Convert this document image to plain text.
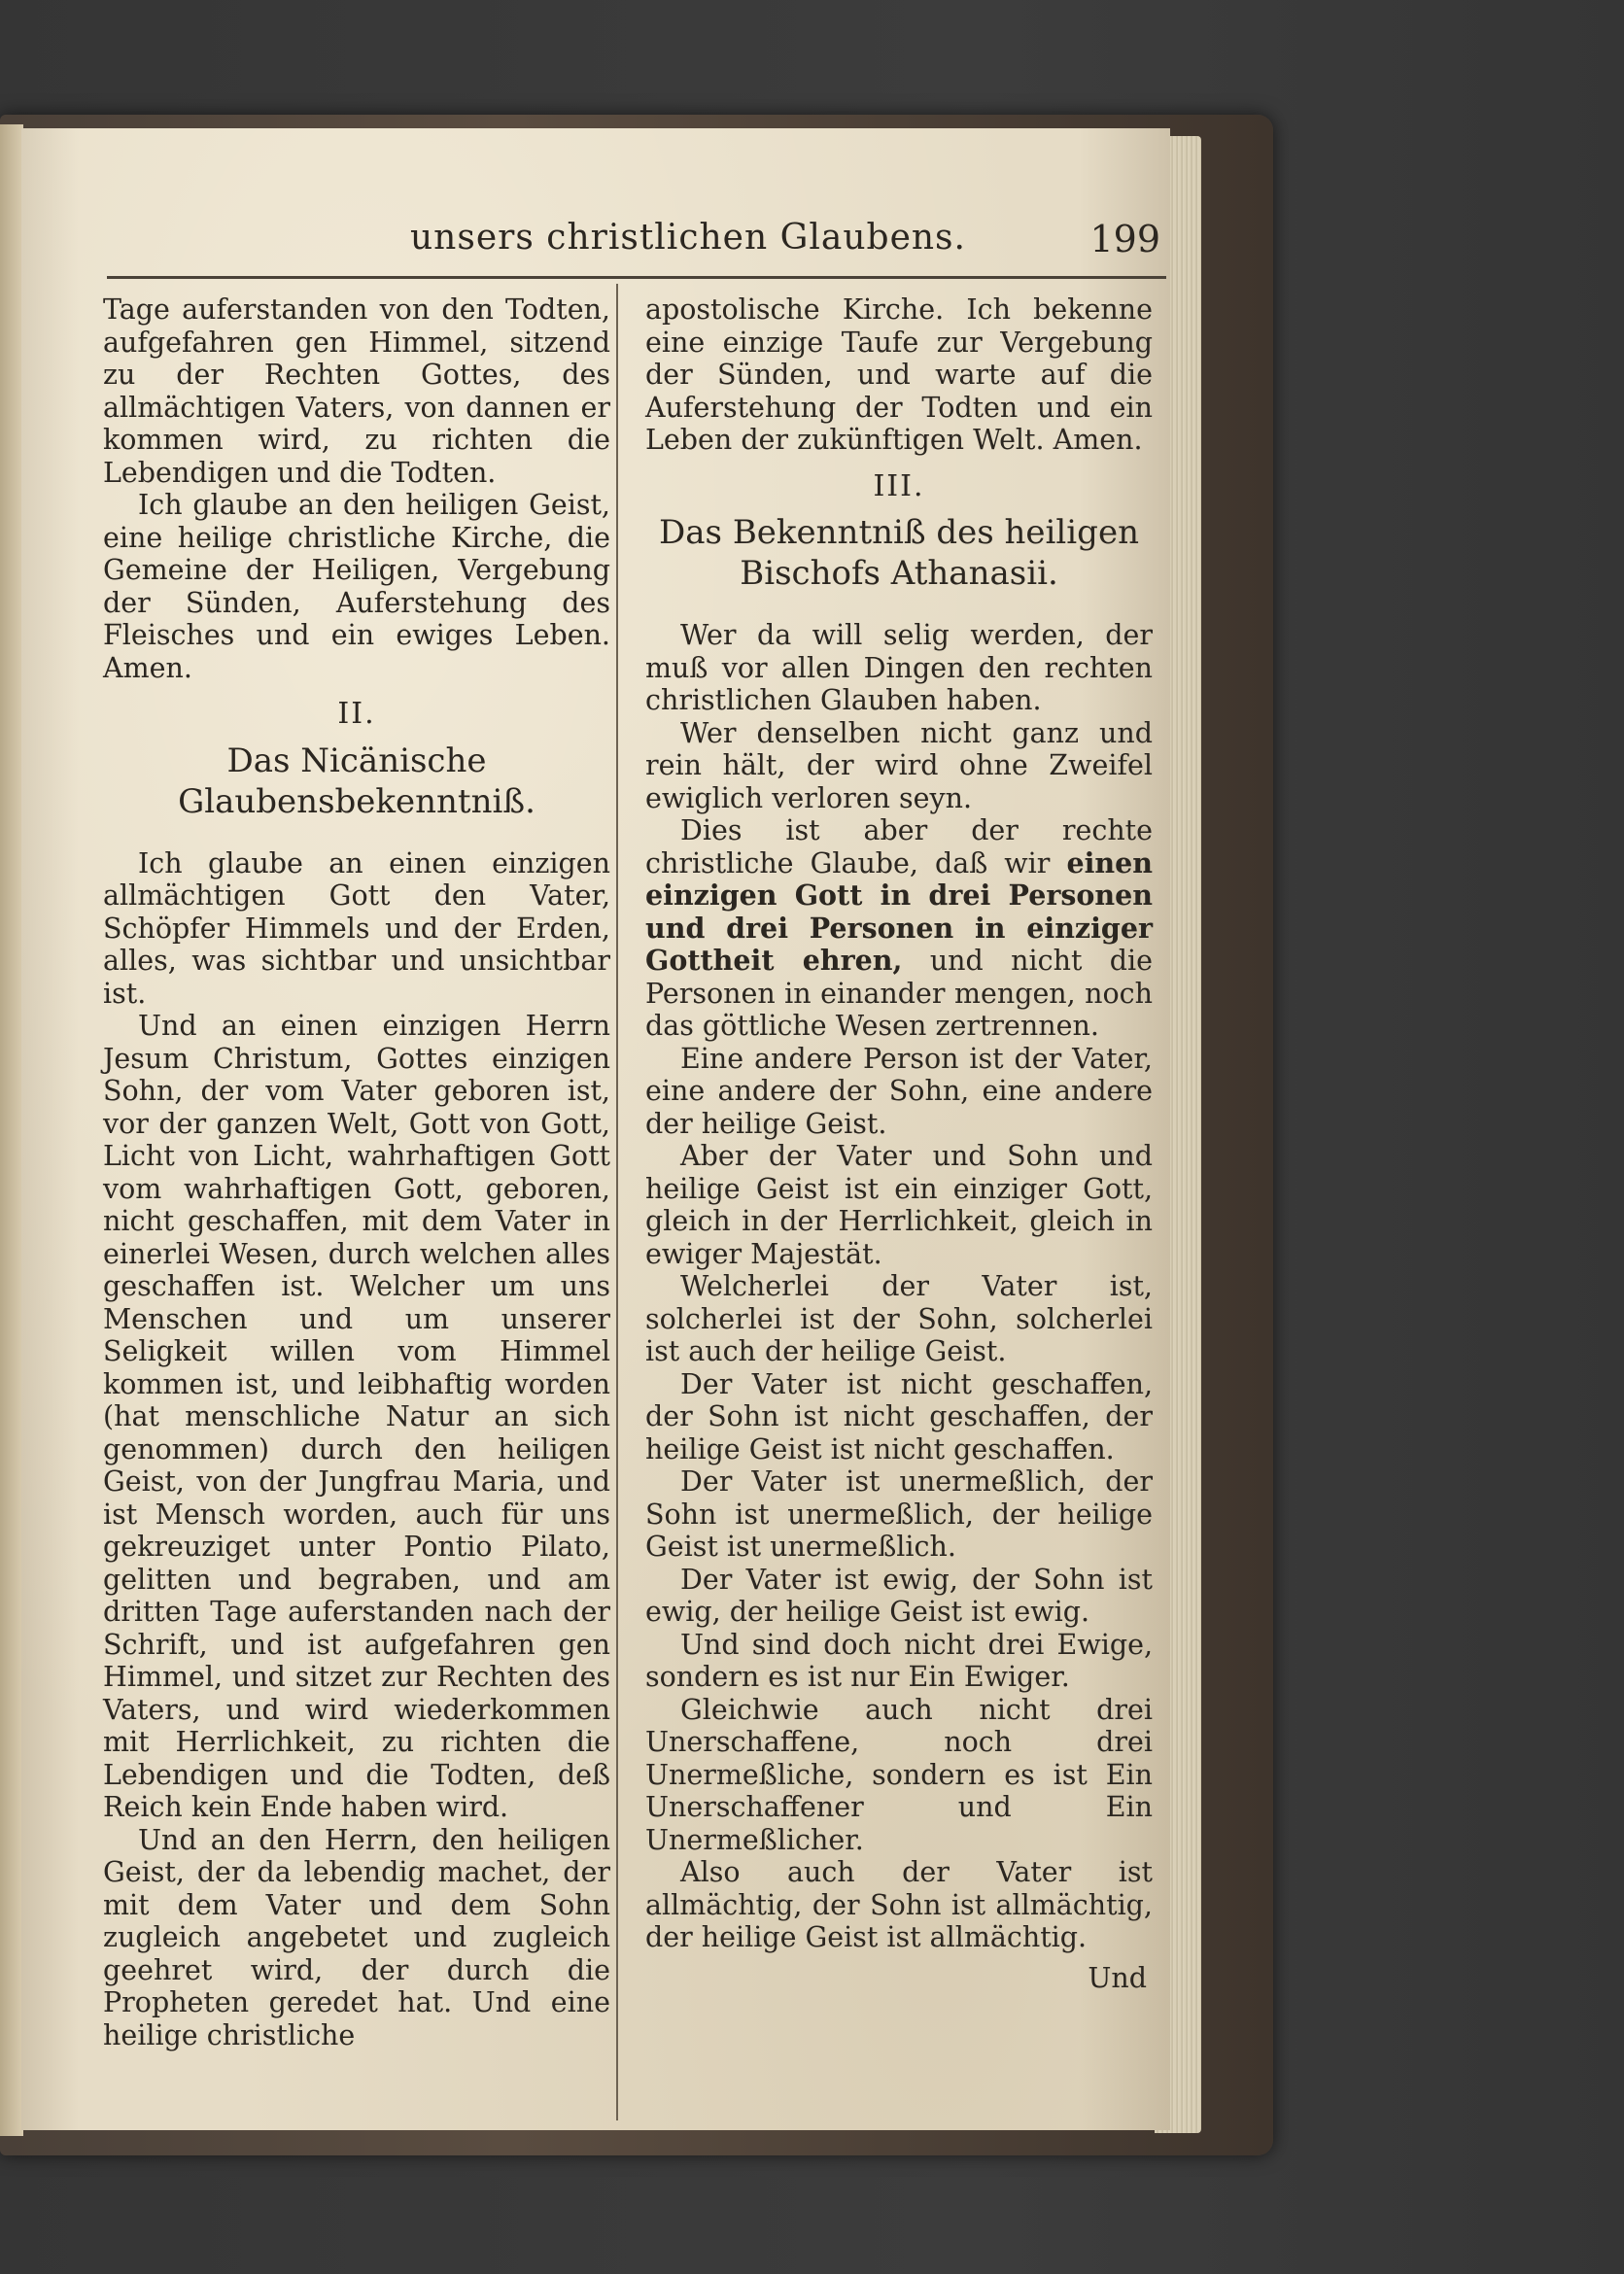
unsers christlichen Glaubens.	199

Tage auferstanden von den Todten, aufgefahren gen Himmel, sitzend zu der Rechten Gottes, des allmächtigen Vaters, von dannen er kommen wird, zu richten die Lebendigen und die Todten.

Ich glaube an den heiligen Geist, eine heilige christliche Kirche, die Gemeine der Heiligen, Vergebung der Sünden, Auferstehung des Fleisches und ein ewiges Leben. Amen.

II.
Das Nicänische Glaubensbekenntniß.

Ich glaube an einen einzigen allmächtigen Gott den Vater, Schöpfer Himmels und der Erden, alles, was sichtbar und unsichtbar ist.

Und an einen einzigen Herrn Jesum Christum, Gottes einzigen Sohn, der vom Vater geboren ist, vor der ganzen Welt, Gott von Gott, Licht von Licht, wahrhaftigen Gott vom wahrhaftigen Gott, geboren, nicht geschaffen, mit dem Vater in einerlei Wesen, durch welchen alles geschaffen ist. Welcher um uns Menschen und um unserer Seligkeit willen vom Himmel kommen ist, und leibhaftig worden (hat menschliche Natur an sich genommen) durch den heiligen Geist, von der Jungfrau Maria, und ist Mensch worden, auch für uns gekreuziget unter Pontio Pilato, gelitten und begraben, und am dritten Tage auferstanden nach der Schrift, und ist aufgefahren gen Himmel, und sitzet zur Rechten des Vaters, und wird wiederkommen mit Herrlichkeit, zu richten die Lebendigen und die Todten, deß Reich kein Ende haben wird.

Und an den Herrn, den heiligen Geist, der da lebendig machet, der mit dem Vater und dem Sohn zugleich angebetet und zugleich geehret wird, der durch die Propheten geredet hat. Und eine heilige christliche

apostolische Kirche. Ich bekenne eine einzige Taufe zur Vergebung der Sünden, und warte auf die Auferstehung der Todten und ein Leben der zukünftigen Welt. Amen.

III.
Das Bekenntniß des heiligen Bischofs Athanasii.

Wer da will selig werden, der muß vor allen Dingen den rechten christlichen Glauben haben.

Wer denselben nicht ganz und rein hält, der wird ohne Zweifel ewiglich verloren seyn.

Dies ist aber der rechte christliche Glaube, daß wir einen einzigen Gott in drei Personen und drei Personen in einziger Gottheit ehren, und nicht die Personen in einander mengen, noch das göttliche Wesen zertrennen.

Eine andere Person ist der Vater, eine andere der Sohn, eine andere der heilige Geist.

Aber der Vater und Sohn und heilige Geist ist ein einziger Gott, gleich in der Herrlichkeit, gleich in ewiger Majestät.

Welcherlei der Vater ist, solcherlei ist der Sohn, solcherlei ist auch der heilige Geist.

Der Vater ist nicht geschaffen, der Sohn ist nicht geschaffen, der heilige Geist ist nicht geschaffen.

Der Vater ist unermeßlich, der Sohn ist unermeßlich, der heilige Geist ist unermeßlich.

Der Vater ist ewig, der Sohn ist ewig, der heilige Geist ist ewig.

Und sind doch nicht drei Ewige, sondern es ist nur Ein Ewiger.

Gleichwie auch nicht drei Unerschaffene, noch drei Unermeßliche, sondern es ist Ein Unerschaffener und Ein Unermeßlicher.

Also auch der Vater ist allmächtig, der Sohn ist allmächtig, der heilige Geist ist allmächtig.

Und
